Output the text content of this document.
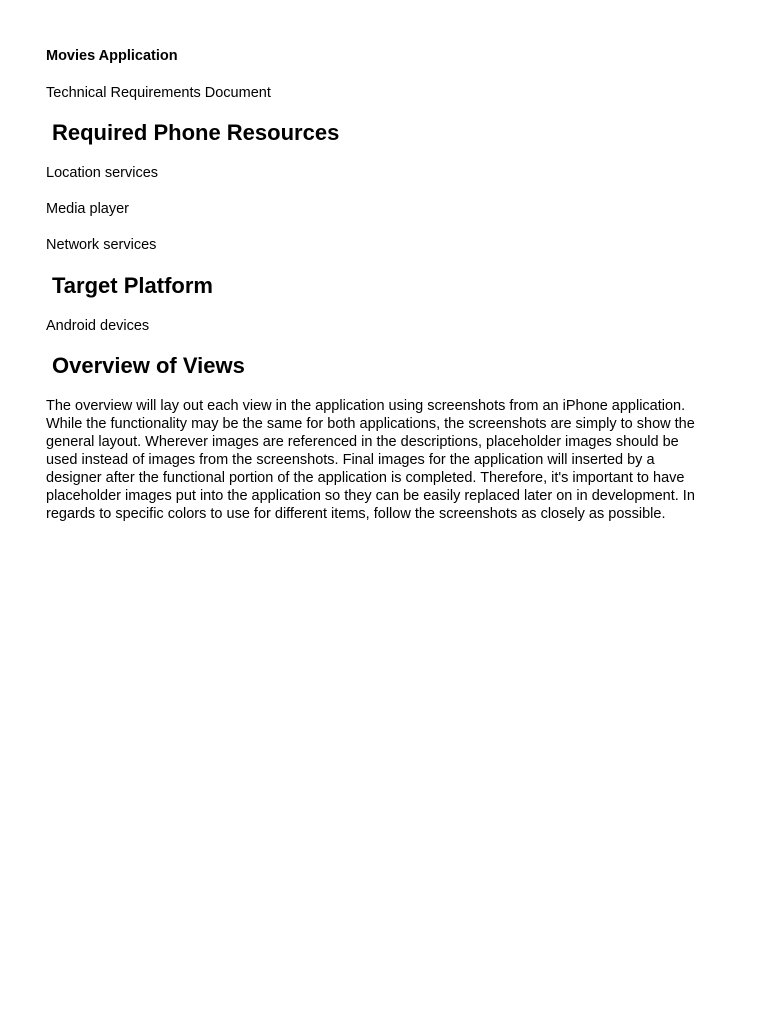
Movies Application

Technical Requirements Document

Required Phone Resources

Location services

Media player

Network services

Target Platform

Android devices

Overview of Views
The overview will lay out each view in the application using screenshots from an iPhone application.
While the functionality may be the same for both applications, the screenshots are simply to show the
general layout. Wherever images are referenced in the descriptions, placeholder images should be
used instead of images from the screenshots. Final images for the application will inserted by a
designer after the functional portion of the application is completed. Therefore, it's important to have
placeholder images put into the application so they can be easily replaced later on in development. In
regards to specific colors to use for different items, follow the screenshots as closely as possible.
